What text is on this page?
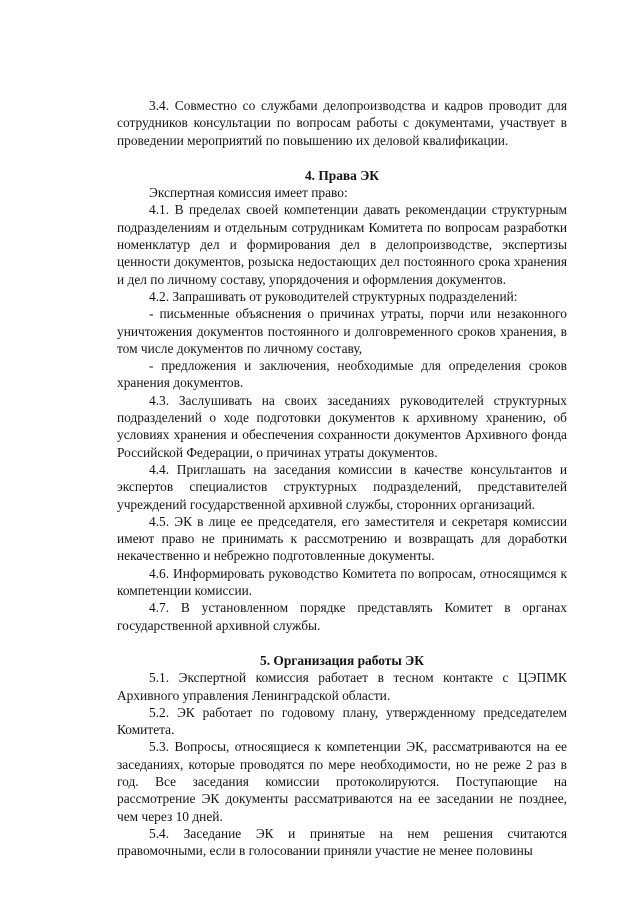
3.4. Совместно со службами делопроизводства и кадров проводит для сотрудников консультации по вопросам работы с документами, участвует в проведении мероприятий по повышению их деловой квалификации.

4. Права ЭК

Экспертная комиссия имеет право:

4.1. В пределах своей компетенции давать рекомендации структурным подразделениям и отдельным сотрудникам Комитета по вопросам разработки номенклатур дел и формирования дел в делопроизводстве, экспертизы ценности документов, розыска недостающих дел постоянного срока хранения и дел по личному составу, упорядочения и оформления документов.

4.2. Запрашивать от руководителей структурных подразделений:

- письменные объяснения о причинах утраты, порчи или незаконного уничтожения документов постоянного и долговременного сроков хранения, в том числе документов по личному составу,

- предложения и заключения, необходимые для определения сроков хранения документов.

4.3. Заслушивать на своих заседаниях руководителей структурных подразделений о ходе подготовки документов к архивному хранению, об условиях хранения и обеспечения сохранности документов Архивного фонда Российской Федерации, о причинах утраты документов.

4.4. Приглашать на заседания комиссии в качестве консультантов и экспертов специалистов структурных подразделений, представителей учреждений государственной архивной службы, сторонних организаций.

4.5. ЭК в лице ее председателя, его заместителя и секретаря комиссии имеют право не принимать к рассмотрению и возвращать для доработки некачественно и небрежно подготовленные документы.

4.6. Информировать руководство Комитета по вопросам, относящимся к компетенции комиссии.

4.7. В установленном порядке представлять Комитет в органах государственной архивной службы.

5. Организация работы ЭК

5.1. Экспертной комиссия работает в тесном контакте с ЦЭПМК Архивного управления Ленинградской области.

5.2. ЭК работает по годовому плану, утвержденному председателем Комитета.

5.3. Вопросы, относящиеся к компетенции ЭК, рассматриваются на ее заседаниях, которые проводятся по мере необходимости, но не реже 2 раз в год. Все заседания комиссии протоколируются. Поступающие на рассмотрение ЭК документы рассматриваются на ее заседании не позднее, чем через 10 дней.

5.4. Заседание ЭК и принятые на нем решения считаются правомочными, если в голосовании приняли участие не менее половины
